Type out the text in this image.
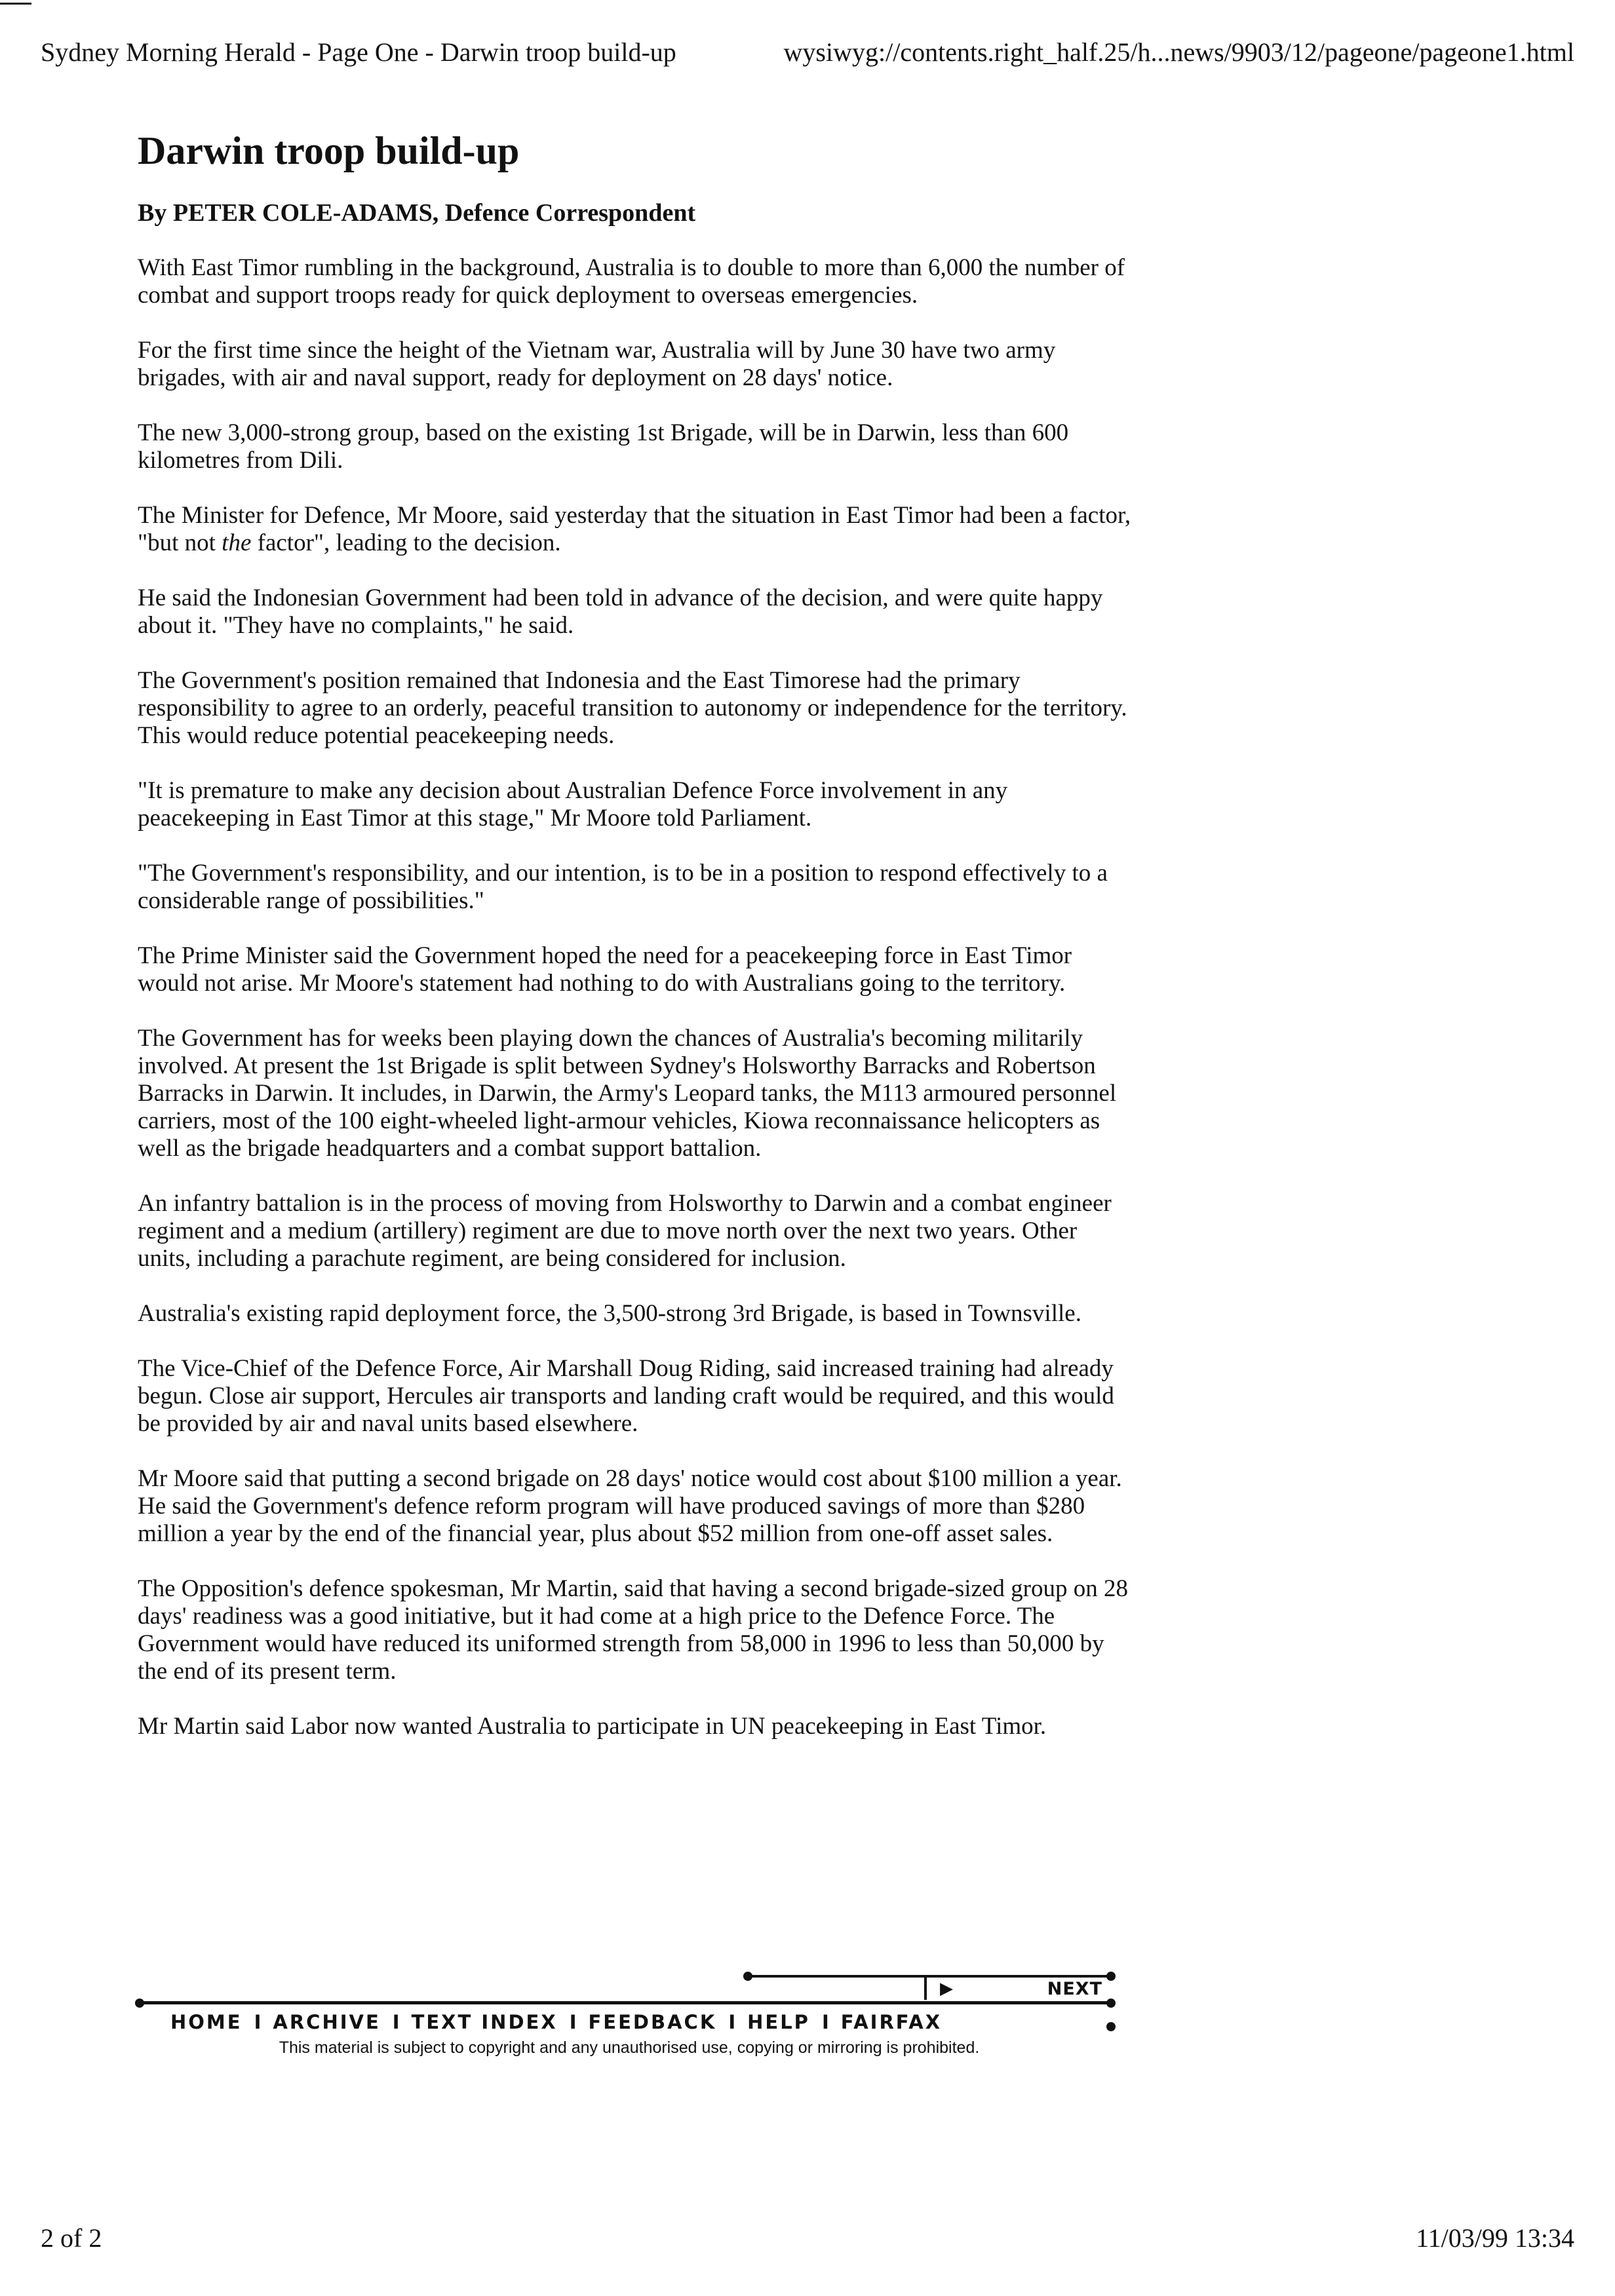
Sydney Morning Herald - Page One - Darwin troop build-up	wysiwyg://contents.right_half.25/h...news/9903/12/pageone/pageone1.html
Darwin troop build-up

By PETER COLE-ADAMS, Defence Correspondent

With East Timor rumbling in the background, Australia is to double to more than 6,000 the number of combat and support troops ready for quick deployment to overseas emergencies.

For the first time since the height of the Vietnam war, Australia will by June 30 have two army brigades, with air and naval support, ready for deployment on 28 days' notice.

The new 3,000-strong group, based on the existing 1st Brigade, will be in Darwin, less than 600 kilometres from Dili.

The Minister for Defence, Mr Moore, said yesterday that the situation in East Timor had been a factor, "but not the factor", leading to the decision.

He said the Indonesian Government had been told in advance of the decision, and were quite happy about it. "They have no complaints," he said.

The Government's position remained that Indonesia and the East Timorese had the primary responsibility to agree to an orderly, peaceful transition to autonomy or independence for the territory. This would reduce potential peacekeeping needs.

"It is premature to make any decision about Australian Defence Force involvement in any peacekeeping in East Timor at this stage," Mr Moore told Parliament.

"The Government's responsibility, and our intention, is to be in a position to respond effectively to a considerable range of possibilities."

The Prime Minister said the Government hoped the need for a peacekeeping force in East Timor would not arise. Mr Moore's statement had nothing to do with Australians going to the territory.

The Government has for weeks been playing down the chances of Australia's becoming militarily involved. At present the 1st Brigade is split between Sydney's Holsworthy Barracks and Robertson Barracks in Darwin. It includes, in Darwin, the Army's Leopard tanks, the M113 armoured personnel carriers, most of the 100 eight-wheeled light-armour vehicles, Kiowa reconnaissance helicopters as well as the brigade headquarters and a combat support battalion.

An infantry battalion is in the process of moving from Holsworthy to Darwin and a combat engineer regiment and a medium (artillery) regiment are due to move north over the next two years. Other units, including a parachute regiment, are being considered for inclusion.

Australia's existing rapid deployment force, the 3,500-strong 3rd Brigade, is based in Townsville.

The Vice-Chief of the Defence Force, Air Marshall Doug Riding, said increased training had already begun. Close air support, Hercules air transports and landing craft would be required, and this would be provided by air and naval units based elsewhere.

Mr Moore said that putting a second brigade on 28 days' notice would cost about $100 million a year. He said the Government's defence reform program will have produced savings of more than $280 million a year by the end of the financial year, plus about $52 million from one-off asset sales.

The Opposition's defence spokesman, Mr Martin, said that having a second brigade-sized group on 28 days' readiness was a good initiative, but it had come at a high price to the Defence Force. The Government would have reduced its uniformed strength from 58,000 in 1996 to less than 50,000 by the end of its present term.

Mr Martin said Labor now wanted Australia to participate in UN peacekeeping in East Timor.

▶	NEXT
HOME I ARCHIVE I TEXT INDEX I FEEDBACK I HELP I FAIRFAX
This material is subject to copyright and any unauthorised use, copying or mirroring is prohibited.
2 of 2	11/03/99 13:34
